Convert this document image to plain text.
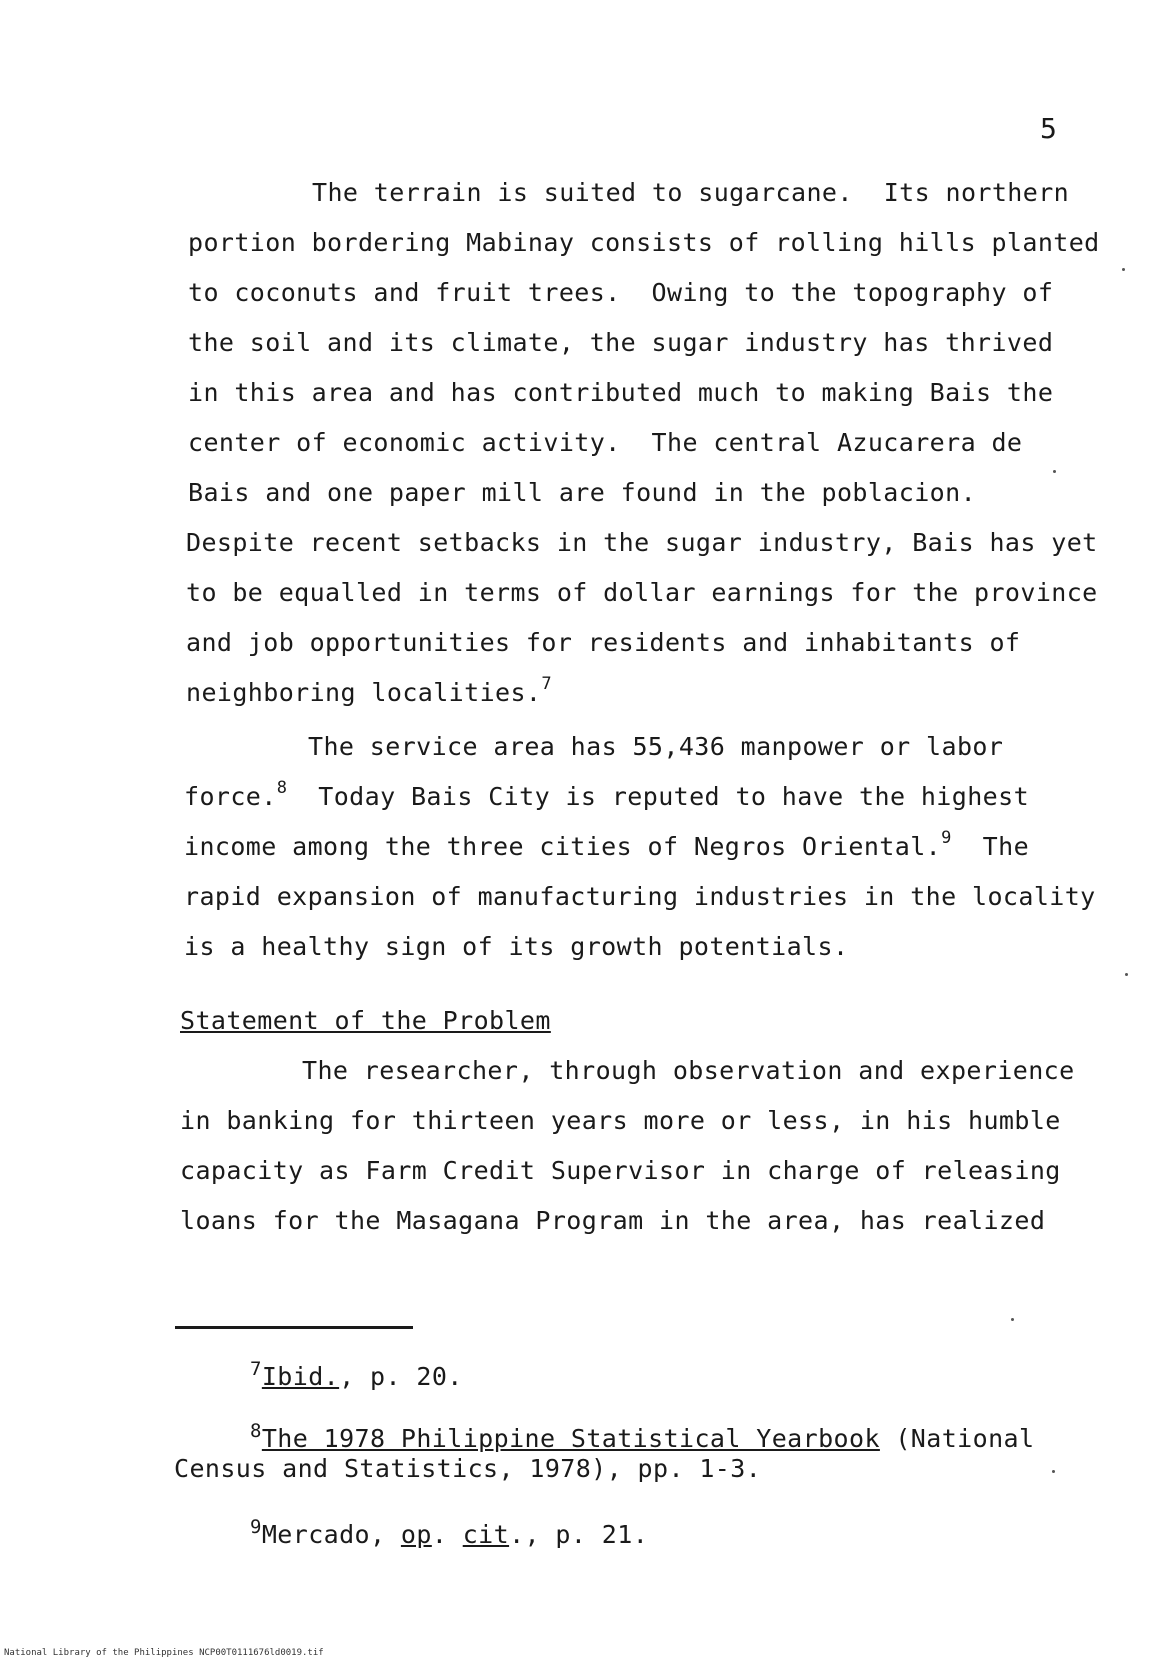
5
The terrain is suited to sugarcane.  Its northern
portion bordering Mabinay consists of rolling hills planted
to coconuts and fruit trees.  Owing to the topography of
the soil and its climate, the sugar industry has thrived
in this area and has contributed much to making Bais the
center of economic activity.  The central Azucarera de
Bais and one paper mill are found in the poblacion.
Despite recent setbacks in the sugar industry, Bais has yet
to be equalled in terms of dollar earnings for the province
and job opportunities for residents and inhabitants of
neighboring localities.$^7$
The service area has 55,436 manpower or labor
force.$^8$  Today Bais City is reputed to have the highest
income among the three cities of Negros Oriental.$^9$  The
rapid expansion of manufacturing industries in the locality
is a healthy sign of its growth potentials.
Statement of the Problem
The researcher, through observation and experience
in banking for thirteen years more or less, in his humble
capacity as Farm Credit Supervisor in charge of releasing
loans for the Masagana Program in the area, has realized
$^7$Ibid., p. 20.
$^8$The 1978 Philippine Statistical Yearbook (National
Census and Statistics, 1978), pp. 1-3.
$^9$Mercado, op. cit., p. 21.
National Library of the Philippines NCP00T0111676ld0019.tif
